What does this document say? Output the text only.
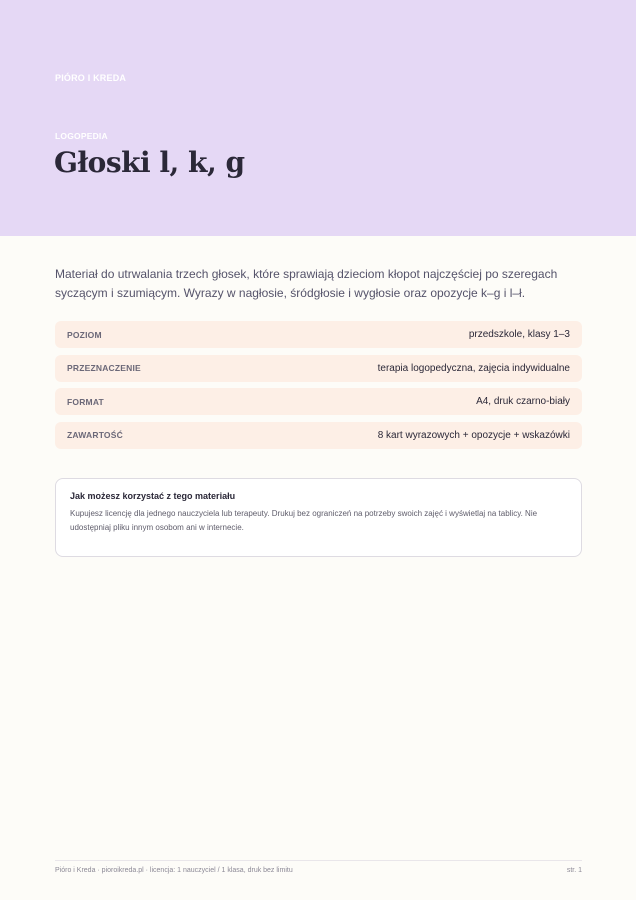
PIÓRO I KREDA
LOGOPEDIA
Głoski l, k, g

Materiał do utrwalania trzech głosek, które sprawiają dzieciom kłopot najczęściej po szeregach syczącym i szumiącym. Wyrazy w nagłosie, śródgłosie i wygłosie oraz opozycje k–g i l–ł.

POZIOM	przedszkole, klasy 1–3
PRZEZNACZENIE	terapia logopedyczna, zajęcia indywidualne
FORMAT	A4, druk czarno-biały
ZAWARTOŚĆ	8 kart wyrazowych + opozycje + wskazówki

Jak możesz korzystać z tego materiału

Kupujesz licencję dla jednego nauczyciela lub terapeuty. Drukuj bez ograniczeń na potrzeby swoich zajęć i wyświetlaj na tablicy. Nie udostępniaj pliku innym osobom ani w internecie.

Pióro i Kreda · pioroikreda.pl · licencja: 1 nauczyciel / 1 klasa, druk bez limitu	str. 1
